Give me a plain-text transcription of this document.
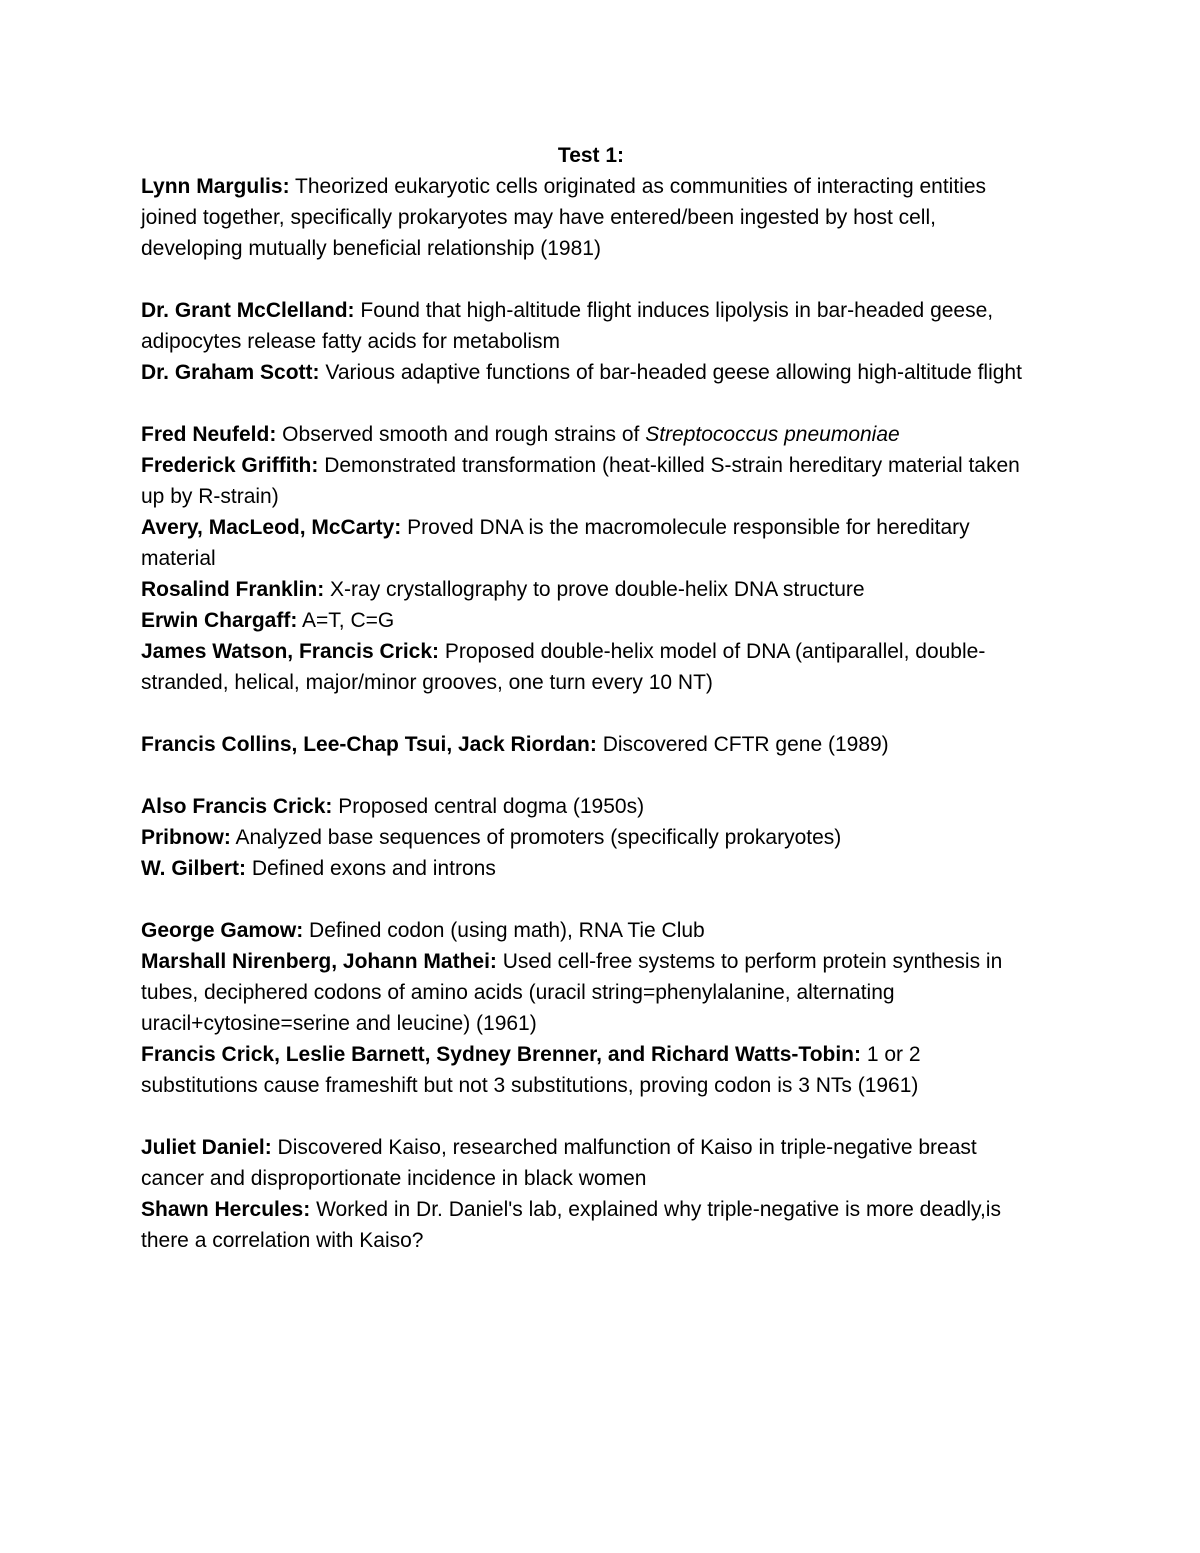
Test 1:

Lynn Margulis: Theorized eukaryotic cells originated as communities of interacting entities joined together, specifically prokaryotes may have entered/been ingested by host cell, developing mutually beneficial relationship (1981)

Dr. Grant McClelland: Found that high-altitude flight induces lipolysis in bar-headed geese, adipocytes release fatty acids for metabolism

Dr. Graham Scott: Various adaptive functions of bar-headed geese allowing high-altitude flight

Fred Neufeld: Observed smooth and rough strains of Streptococcus pneumoniae

Frederick Griffith: Demonstrated transformation (heat-killed S-strain hereditary material taken up by R-strain)

Avery, MacLeod, McCarty: Proved DNA is the macromolecule responsible for hereditary material

Rosalind Franklin: X-ray crystallography to prove double-helix DNA structure

Erwin Chargaff: A=T, C=G

James Watson, Francis Crick: Proposed double-helix model of DNA (antiparallel, double-stranded, helical, major/minor grooves, one turn every 10 NT)

Francis Collins, Lee-Chap Tsui, Jack Riordan: Discovered CFTR gene (1989)

Also Francis Crick: Proposed central dogma (1950s)

Pribnow: Analyzed base sequences of promoters (specifically prokaryotes)

W. Gilbert: Defined exons and introns

George Gamow: Defined codon (using math), RNA Tie Club

Marshall Nirenberg, Johann Mathei: Used cell-free systems to perform protein synthesis in tubes, deciphered codons of amino acids (uracil string=phenylalanine, alternating uracil+cytosine=serine and leucine) (1961)

Francis Crick, Leslie Barnett, Sydney Brenner, and Richard Watts-Tobin: 1 or 2 substitutions cause frameshift but not 3 substitutions, proving codon is 3 NTs (1961)

Juliet Daniel: Discovered Kaiso, researched malfunction of Kaiso in triple-negative breast cancer and disproportionate incidence in black women

Shawn Hercules: Worked in Dr. Daniel's lab, explained why triple-negative is more deadly,is there a correlation with Kaiso?
